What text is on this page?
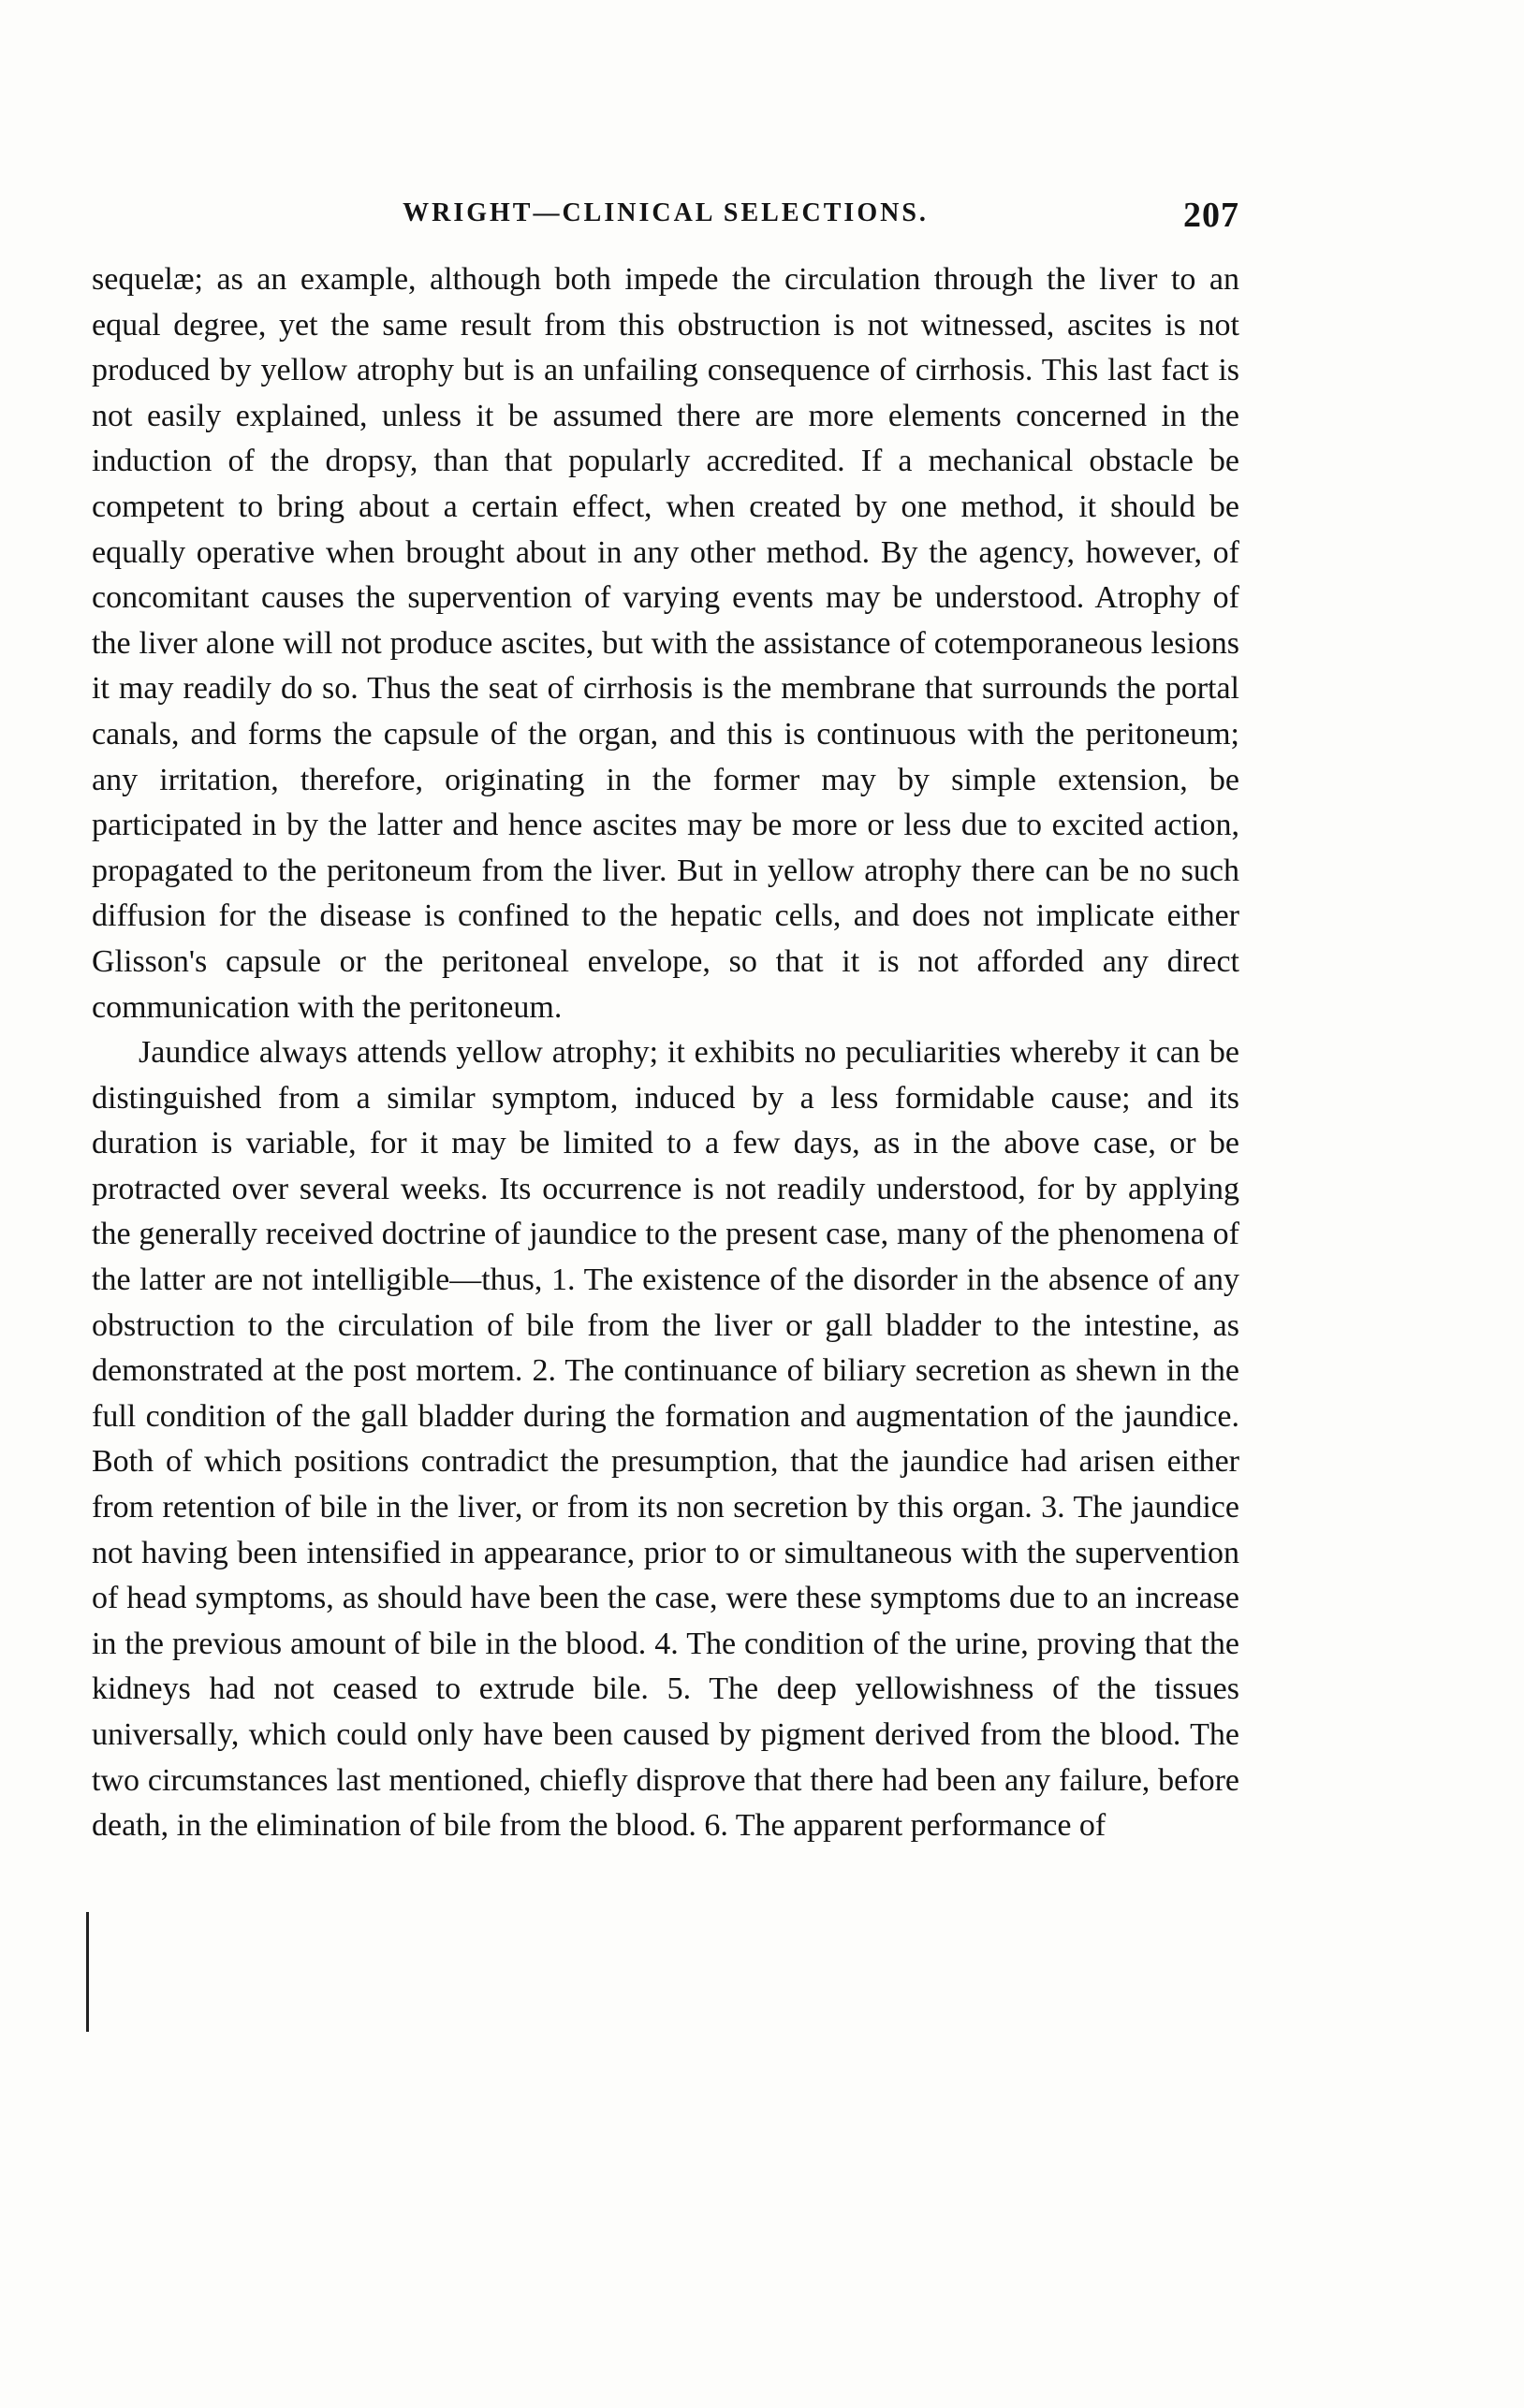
WRIGHT—CLINICAL SELECTIONS.	207

sequelæ; as an example, although both impede the circulation through the liver to an equal degree, yet the same result from this obstruction is not witnessed, ascites is not produced by yellow atrophy but is an unfailing consequence of cirrhosis. This last fact is not easily explained, unless it be assumed there are more elements concerned in the induction of the dropsy, than that popularly accredited. If a mechanical obstacle be competent to bring about a certain effect, when created by one method, it should be equally operative when brought about in any other method. By the agency, however, of concomitant causes the supervention of varying events may be understood. Atrophy of the liver alone will not produce ascites, but with the assistance of cotemporaneous lesions it may readily do so. Thus the seat of cirrhosis is the membrane that surrounds the portal canals, and forms the capsule of the organ, and this is continuous with the peritoneum; any irritation, therefore, originating in the former may by simple extension, be participated in by the latter and hence ascites may be more or less due to excited action, propagated to the peritoneum from the liver. But in yellow atrophy there can be no such diffusion for the disease is confined to the hepatic cells, and does not implicate either Glisson's capsule or the peritoneal envelope, so that it is not afforded any direct communication with the peritoneum.

Jaundice always attends yellow atrophy; it exhibits no peculiarities whereby it can be distinguished from a similar symptom, induced by a less formidable cause; and its duration is variable, for it may be limited to a few days, as in the above case, or be protracted over several weeks. Its occurrence is not readily understood, for by applying the generally received doctrine of jaundice to the present case, many of the phenomena of the latter are not intelligible—thus, 1. The existence of the disorder in the absence of any obstruction to the circulation of bile from the liver or gall bladder to the intestine, as demonstrated at the post mortem. 2. The continuance of biliary secretion as shewn in the full condition of the gall bladder during the formation and augmentation of the jaundice. Both of which positions contradict the presumption, that the jaundice had arisen either from retention of bile in the liver, or from its non secretion by this organ. 3. The jaundice not having been intensified in appearance, prior to or simultaneous with the supervention of head symptoms, as should have been the case, were these symptoms due to an increase in the previous amount of bile in the blood. 4. The condition of the urine, proving that the kidneys had not ceased to extrude bile. 5. The deep yellowishness of the tissues universally, which could only have been caused by pigment derived from the blood. The two circumstances last mentioned, chiefly disprove that there had been any failure, before death, in the elimination of bile from the blood. 6. The apparent performance of
